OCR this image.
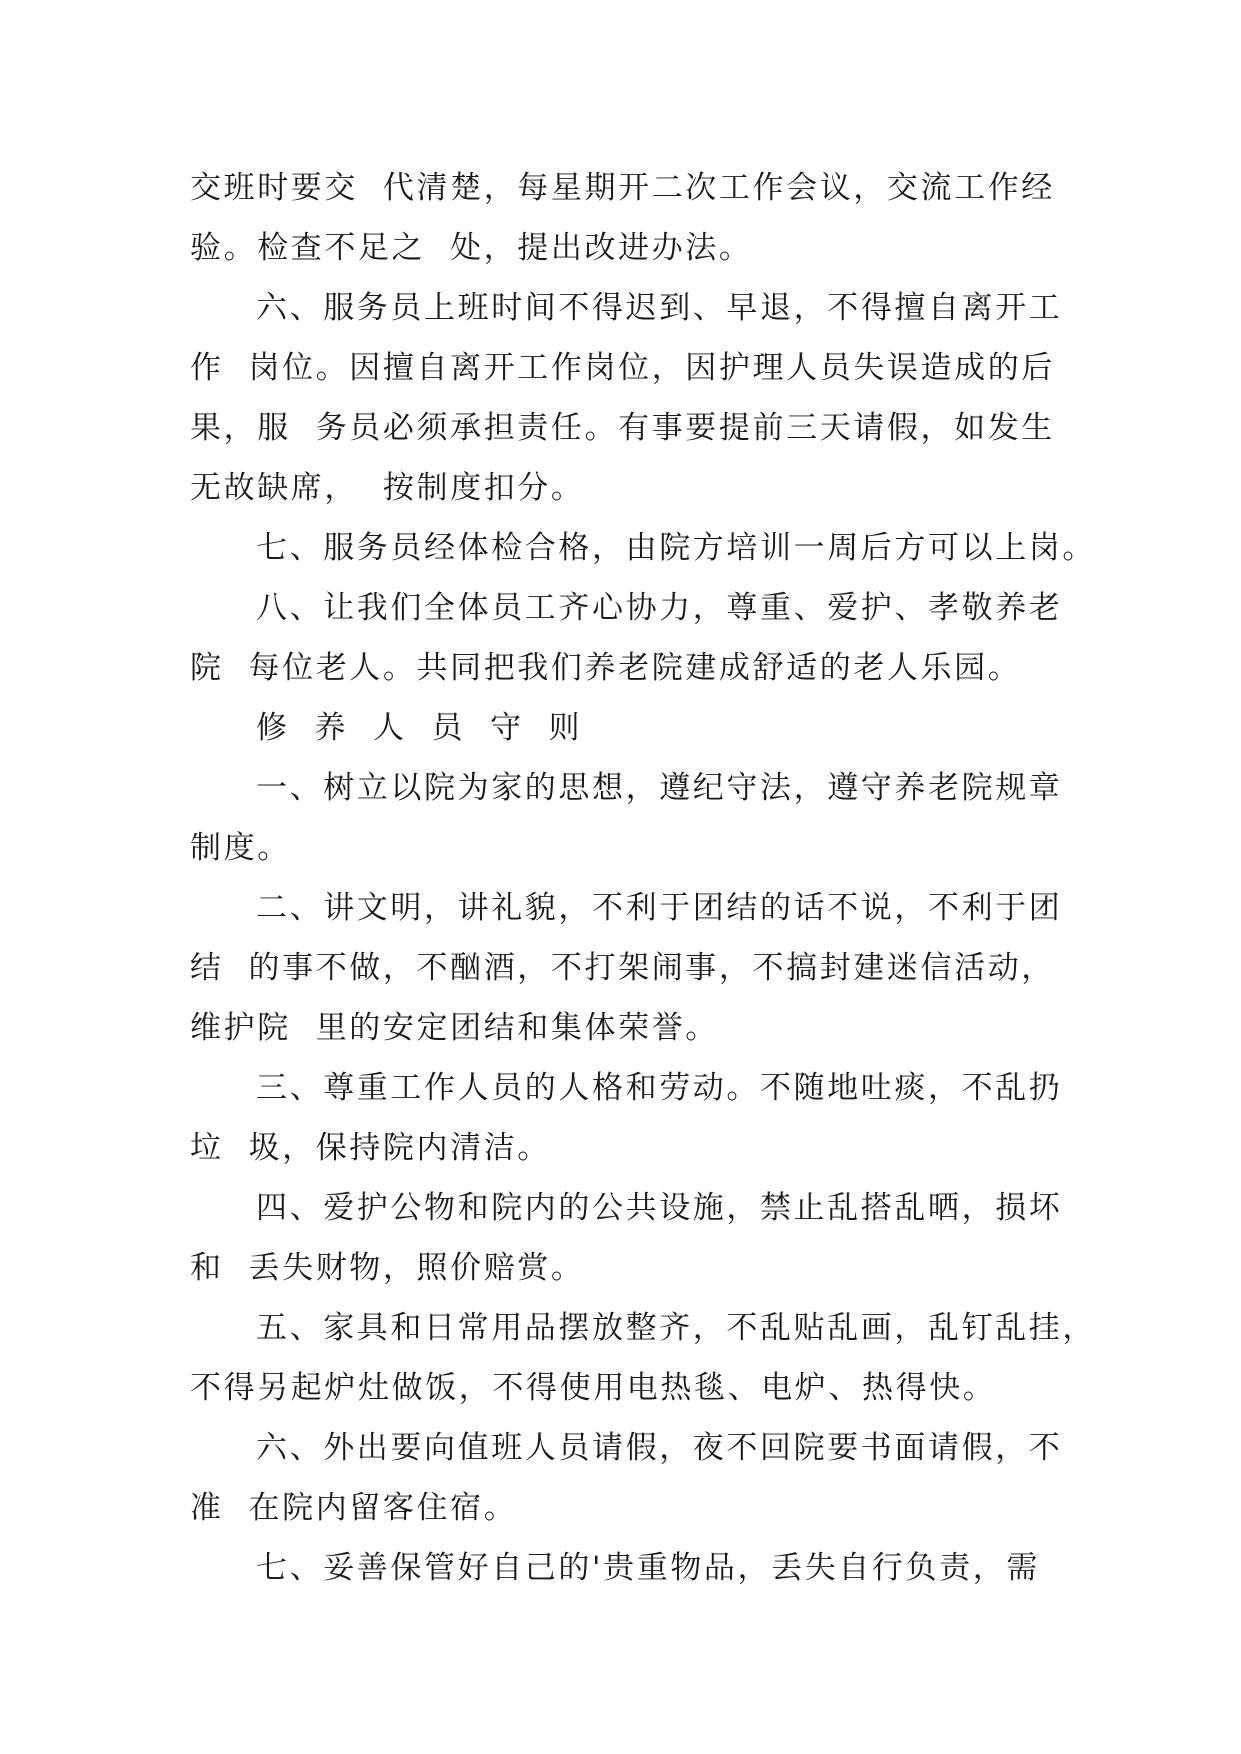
交班时要交  代清楚，每星期开二次工作会议，交流工作经
验。检查不足之  处，提出改进办法。
六、服务员上班时间不得迟到、早退，不得擅自离开工
作  岗位。因擅自离开工作岗位，因护理人员失误造成的后
果，服  务员必须承担责任。有事要提前三天请假，如发生
无故缺席，  按制度扣分。
七、服务员经体检合格，由院方培训一周后方可以上岗。
八、让我们全体员工齐心协力，尊重、爱护、孝敬养老
院  每位老人。共同把我们养老院建成舒适的老人乐园。
修  养  人  员  守  则
一、树立以院为家的思想，遵纪守法，遵守养老院规章
制度。
二、讲文明，讲礼貌，不利于团结的话不说，不利于团
结  的事不做，不酗酒，不打架闹事，不搞封建迷信活动，
维护院  里的安定团结和集体荣誉。
三、尊重工作人员的人格和劳动。不随地吐痰，不乱扔
垃  圾，保持院内清洁。
四、爱护公物和院内的公共设施，禁止乱搭乱晒，损坏
和  丢失财物，照价赔赏。
五、家具和日常用品摆放整齐，不乱贴乱画，乱钉乱挂，
不得另起炉灶做饭，不得使用电热毯、电炉、热得快。
六、外出要向值班人员请假，夜不回院要书面请假，不
准  在院内留客住宿。
七、妥善保管好自己的'贵重物品，丢失自行负责，需
